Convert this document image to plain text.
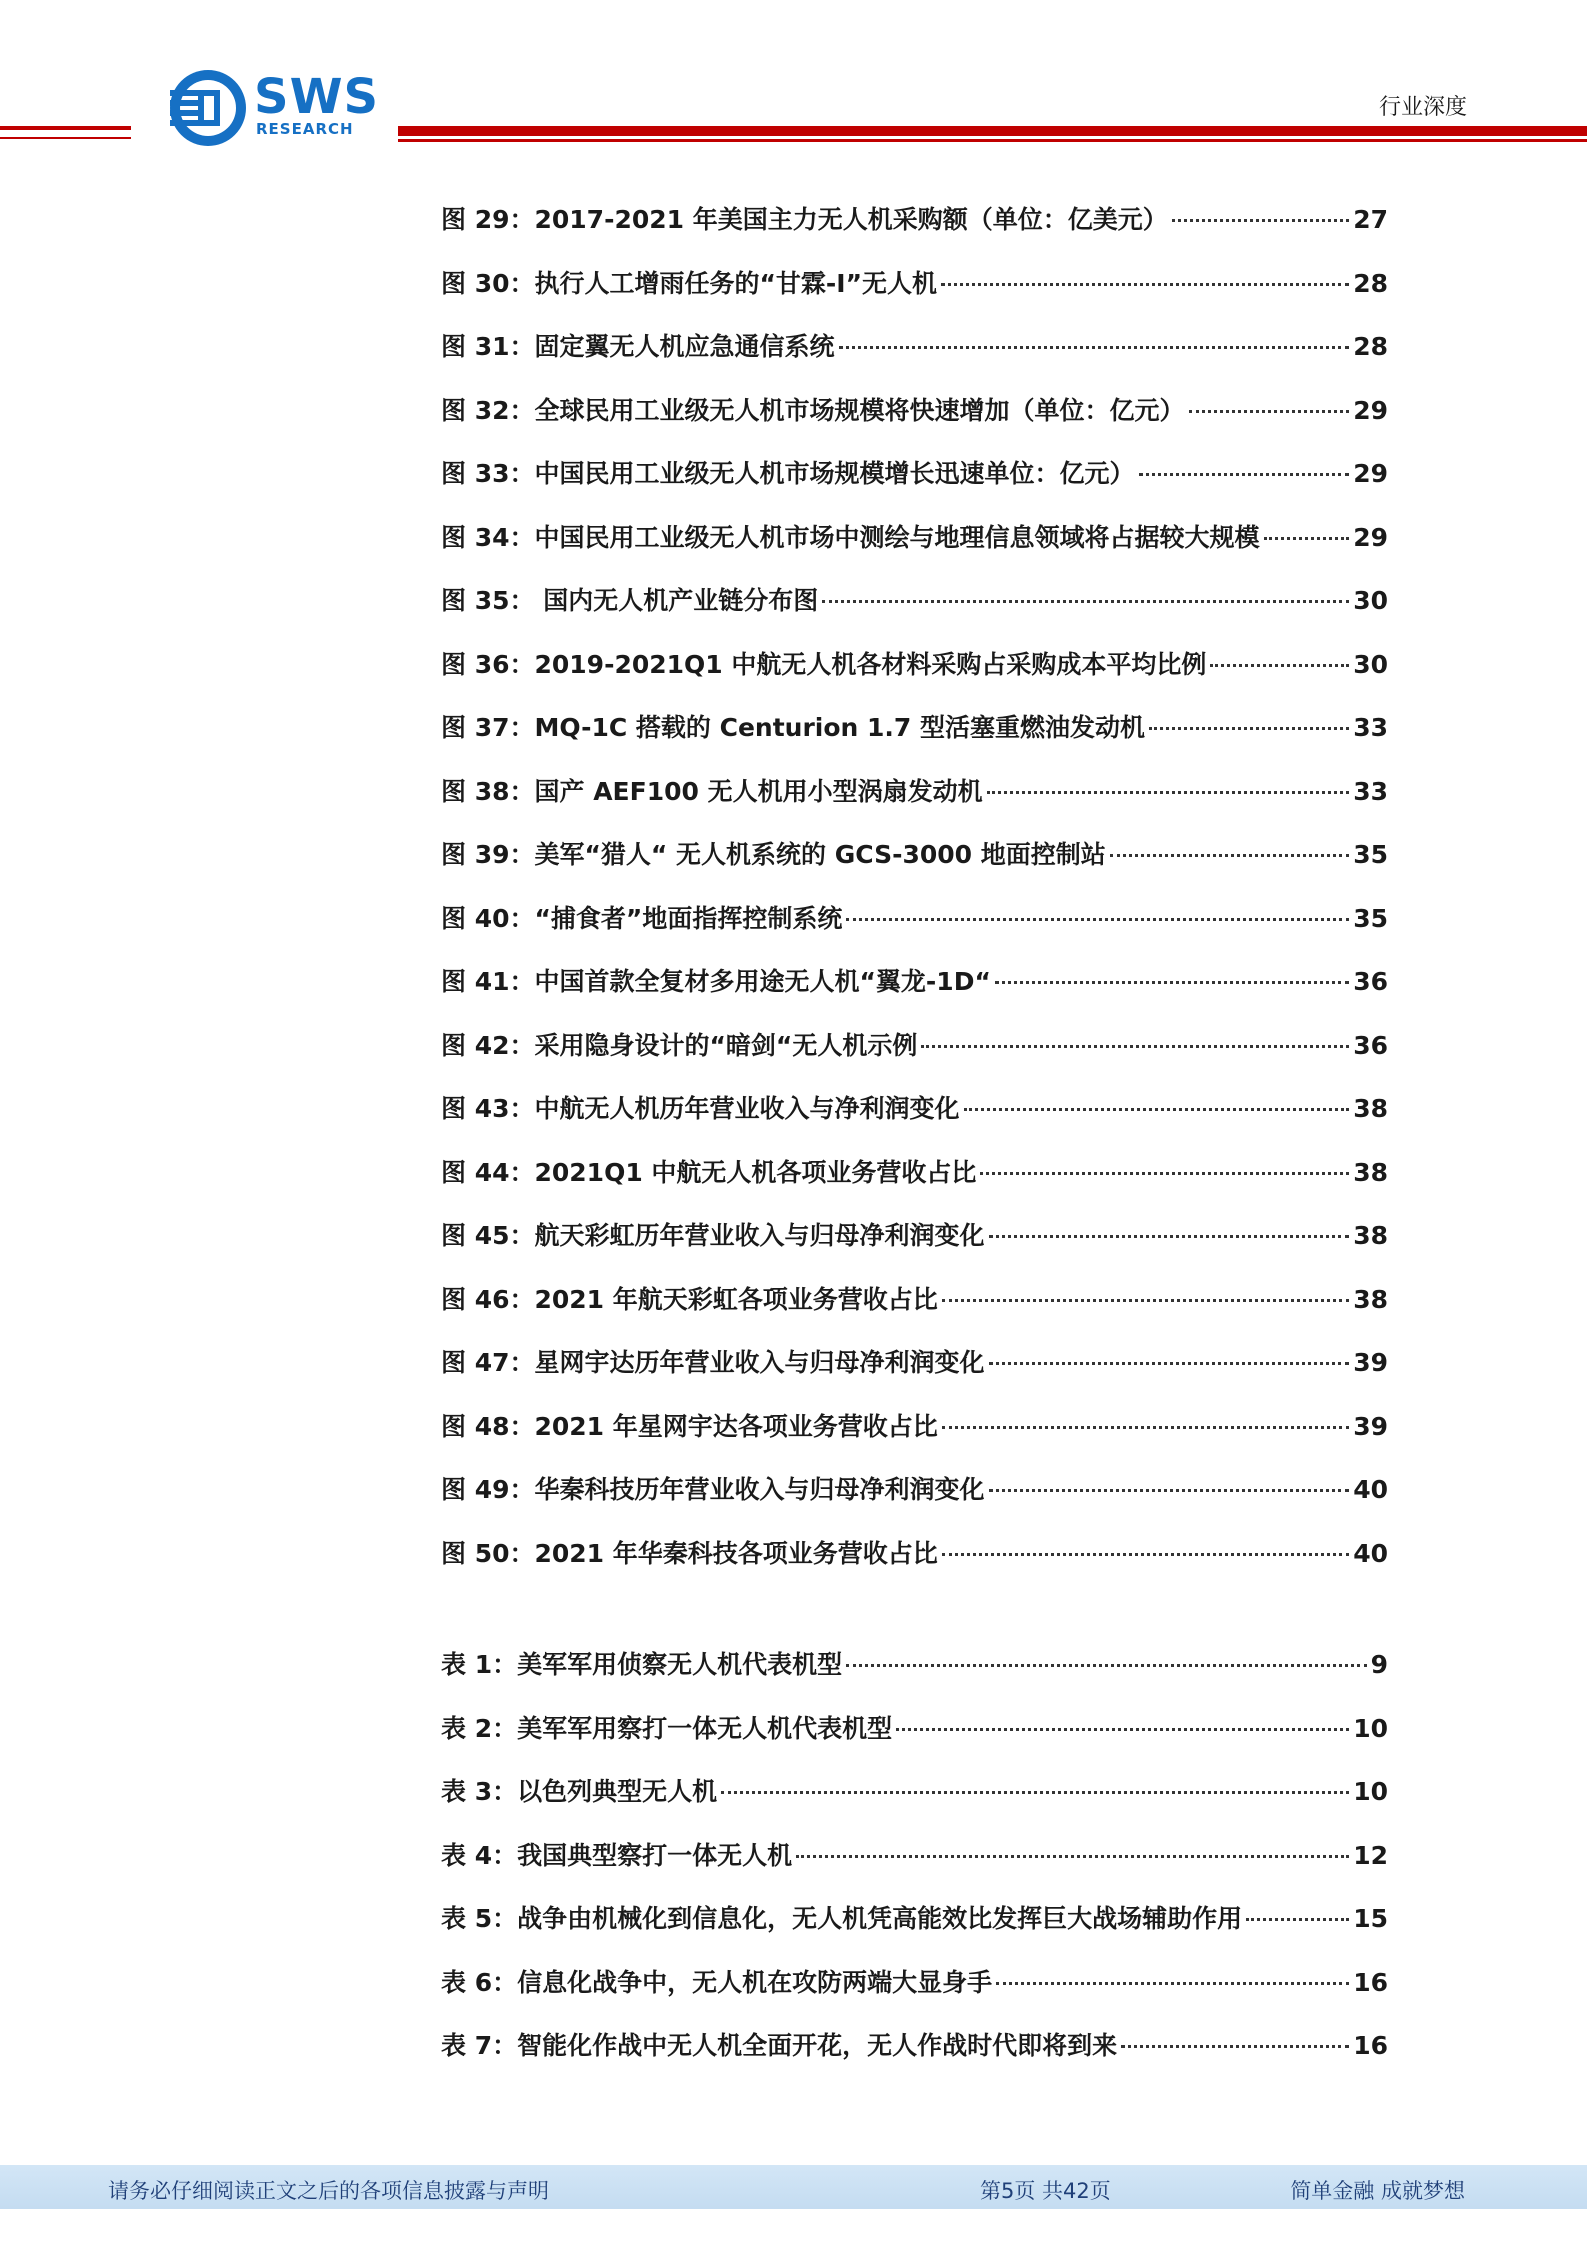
SWS
RESEARCH
行业深度
图 29：2017-2021 年美国主力无人机采购额（单位：亿美元）	27
图 30：执行人工增雨任务的“甘霖-I”无人机	28
图 31：固定翼无人机应急通信系统	28
图 32：全球民用工业级无人机市场规模将快速增加（单位：亿元）	29
图 33：中国民用工业级无人机市场规模增长迅速单位：亿元）	29
图 34：中国民用工业级无人机市场中测绘与地理信息领域将占据较大规模	29
图 35： 国内无人机产业链分布图	30
图 36：2019-2021Q1 中航无人机各材料采购占采购成本平均比例	30
图 37：MQ-1C 搭载的 Centurion 1.7 型活塞重燃油发动机	33
图 38：国产 AEF100 无人机用小型涡扇发动机	33
图 39：美军“猎人“ 无人机系统的 GCS-3000 地面控制站	35
图 40：“捕食者”地面指挥控制系统	35
图 41：中国首款全复材多用途无人机“翼龙-1D“	36
图 42：采用隐身设计的“暗剑“无人机示例	36
图 43：中航无人机历年营业收入与净利润变化	38
图 44：2021Q1 中航无人机各项业务营收占比	38
图 45：航天彩虹历年营业收入与归母净利润变化	38
图 46：2021 年航天彩虹各项业务营收占比	38
图 47：星网宇达历年营业收入与归母净利润变化	39
图 48：2021 年星网宇达各项业务营收占比	39
图 49：华秦科技历年营业收入与归母净利润变化	40
图 50：2021 年华秦科技各项业务营收占比	40
表 1：美军军用侦察无人机代表机型	9
表 2：美军军用察打一体无人机代表机型	10
表 3：以色列典型无人机	10
表 4：我国典型察打一体无人机	12
表 5：战争由机械化到信息化，无人机凭高能效比发挥巨大战场辅助作用	15
表 6：信息化战争中，无人机在攻防两端大显身手	16
表 7：智能化作战中无人机全面开花，无人作战时代即将到来	16
请务必仔细阅读正文之后的各项信息披露与声明	第5页 共42页	简单金融 成就梦想
